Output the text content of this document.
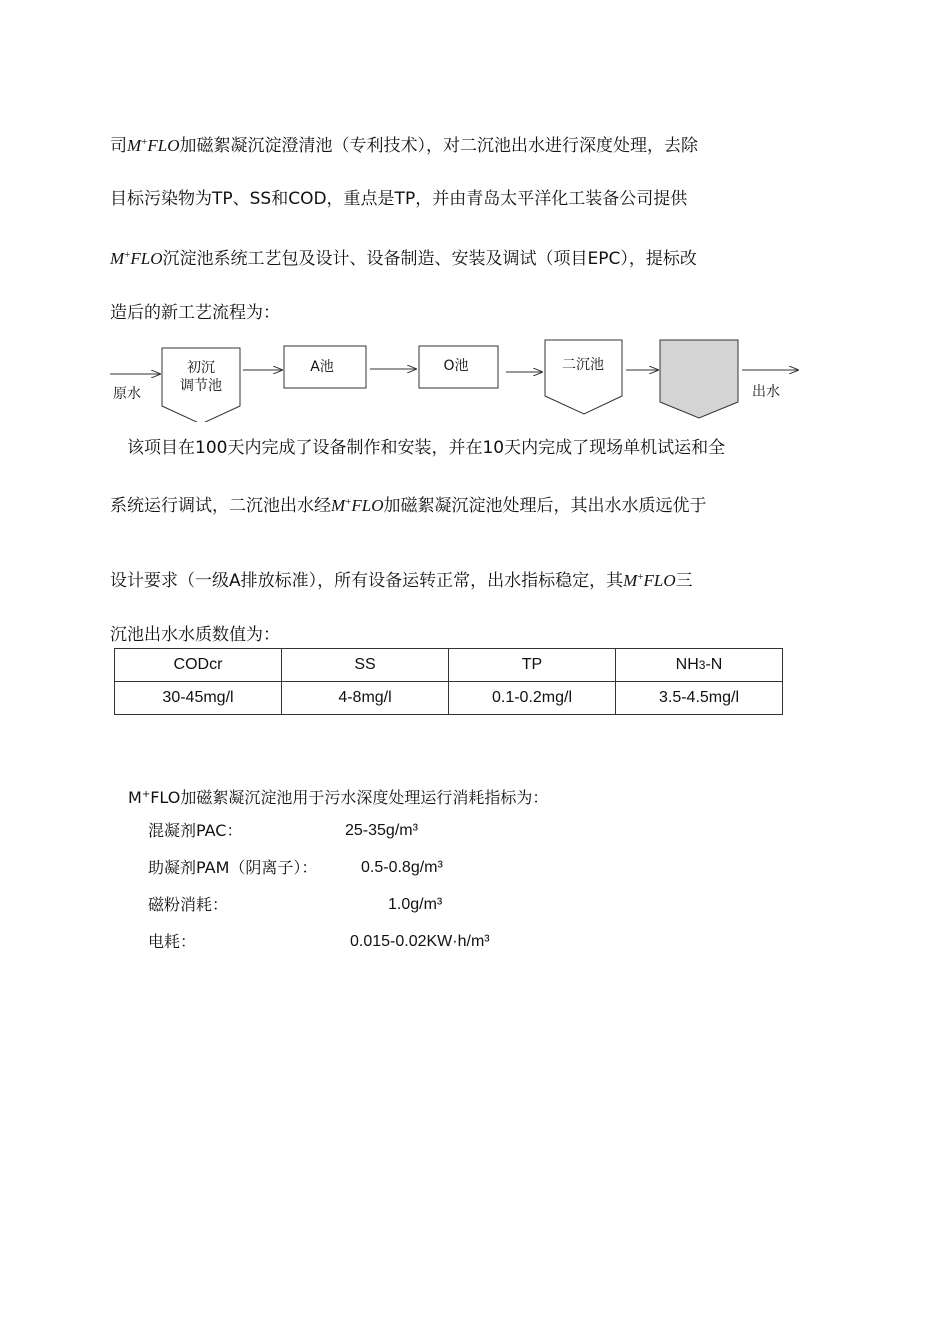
司M+FLO加磁絮凝沉淀澄清池（专利技术），对二沉池出水进行深度处理，去除
目标污染物为TP、SS和COD，重点是TP，并由青岛太平洋化工装备公司提供
M+FLO沉淀池系统工艺包及设计、设备制造、安装及调试（项目EPC），提标改
造后的新工艺流程为：
原水
初沉
调节池
A池	O池	二沉池
出水
该项目在100天内完成了设备制作和安装，并在10天内完成了现场单机试运和全
系统运行调试，二沉池出水经M+FLO加磁絮凝沉淀池处理后，其出水水质远优于
设计要求（一级A排放标准），所有设备运转正常，出水指标稳定，其M+FLO三
沉池出水水质数值为：
CODcr	SS	TP	NH3-N
30-45mg/l	4-8mg/l	0.1-0.2mg/l	3.5-4.5mg/l
M+FLO加磁絮凝沉淀池用于污水深度处理运行消耗指标为：
混凝剂PAC：	25-35g/m³
助凝剂PAM（阴离子）：	0.5-0.8g/m³
磁粉消耗：	1.0g/m³
电耗：	0.015-0.02KW·h/m³
